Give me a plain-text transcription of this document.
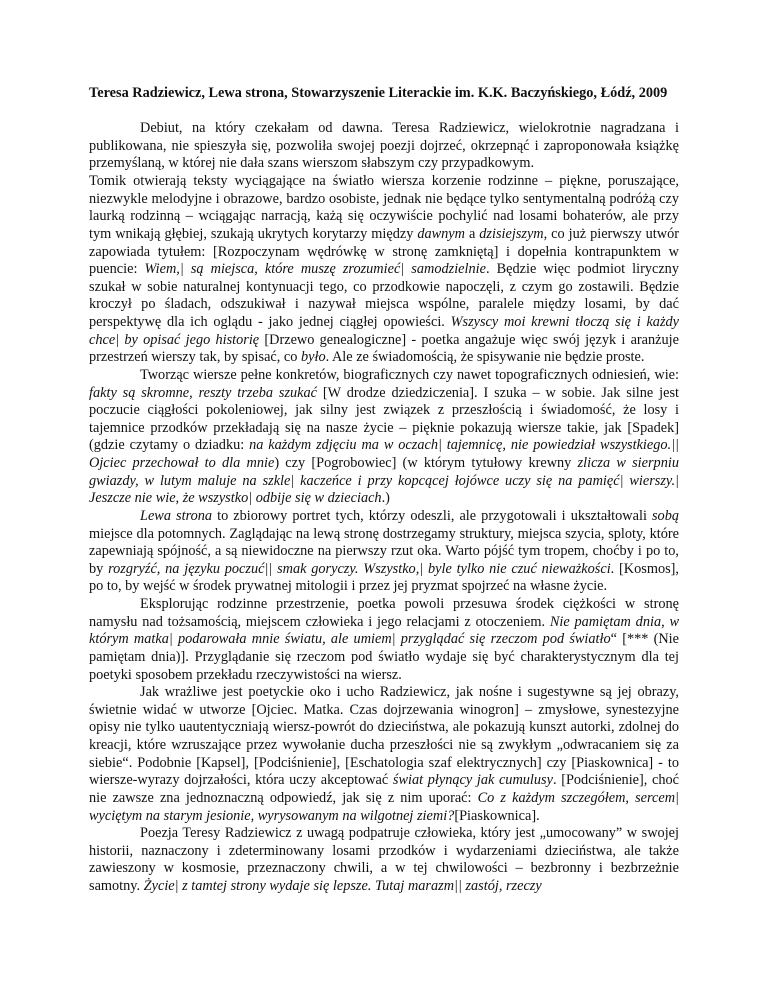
Teresa Radziewicz, Lewa strona, Stowarzyszenie Literackie im. K.K. Baczyńskiego, Łódź, 2009

Debiut, na który czekałam od dawna. Teresa Radziewicz, wielokrotnie nagradzana i publikowana, nie spieszyła się, pozwoliła swojej poezji dojrzeć, okrzepnąć i zaproponowała książkę przemyślaną, w której nie dała szans wierszom słabszym czy przypadkowym.

Tomik otwierają teksty wyciągające na światło wiersza korzenie rodzinne – piękne, poruszające, niezwykle melodyjne i obrazowe, bardzo osobiste, jednak nie będące tylko sentymentalną podróżą czy laurką rodzinną – wciągając narracją, każą się oczywiście pochylić nad losami bohaterów, ale przy tym wnikają głębiej, szukają ukrytych korytarzy między dawnym a dzisiejszym, co już pierwszy utwór zapowiada tytułem: [Rozpoczynam wędrówkę w stronę zamkniętą] i dopełnia kontrapunktem w puencie: Wiem,| są miejsca, które muszę zrozumieć| samodzielnie. Będzie więc podmiot liryczny szukał w sobie naturalnej kontynuacji tego, co przodkowie napoczęli, z czym go zostawili. Będzie kroczył po śladach, odszukiwał i nazywał miejsca wspólne, paralele między losami, by dać perspektywę dla ich oglądu - jako jednej ciągłej opowieści. Wszyscy moi krewni tłoczą się i każdy chce| by opisać jego historię [Drzewo genealogiczne] - poetka angażuje więc swój język i aranżuje przestrzeń wierszy tak, by spisać, co było. Ale ze świadomością, że spisywanie nie będzie proste.

Tworząc wiersze pełne konkretów, biograficznych czy nawet topograficznych odniesień, wie: fakty są skromne, reszty trzeba szukać [W drodze dziedziczenia]. I szuka – w sobie. Jak silne jest poczucie ciągłości pokoleniowej, jak silny jest związek z przeszłością i świadomość, że losy i tajemnice przodków przekładają się na nasze życie – pięknie pokazują wiersze takie, jak [Spadek] (gdzie czytamy o dziadku: na każdym zdjęciu ma w oczach| tajemnicę, nie powiedział wszystkiego.|| Ojciec przechował to dla mnie) czy [Pogrobowiec] (w którym tytułowy krewny zlicza w sierpniu gwiazdy, w lutym maluje na szkle| kaczeńce i przy kopcącej łojówce uczy się na pamięć| wierszy.| Jeszcze nie wie, że wszystko| odbije się w dzieciach.)

Lewa strona to zbiorowy portret tych, którzy odeszli, ale przygotowali i ukształtowali sobą miejsce dla potomnych. Zaglądając na lewą stronę dostrzegamy struktury, miejsca szycia, sploty, które zapewniają spójność, a są niewidoczne na pierwszy rzut oka. Warto pójść tym tropem, choćby i po to, by rozgryźć, na języku poczuć|| smak goryczy. Wszystko,| byle tylko nie czuć nieważkości. [Kosmos], po to, by wejść w środek prywatnej mitologii i przez jej pryzmat spojrzeć na własne życie.

Eksplorując rodzinne przestrzenie, poetka powoli przesuwa środek ciężkości w stronę namysłu nad tożsamością, miejscem człowieka i jego relacjami z otoczeniem. Nie pamiętam dnia, w którym matka| podarowała mnie światu, ale umiem| przyglądać się rzeczom pod światło“ [*** (Nie pamiętam dnia)]. Przyglądanie się rzeczom pod światło wydaje się być charakterystycznym dla tej poetyki sposobem przekładu rzeczywistości na wiersz.

Jak wrażliwe jest poetyckie oko i ucho Radziewicz, jak nośne i sugestywne są jej obrazy, świetnie widać w utworze [Ojciec. Matka. Czas dojrzewania winogron] – zmysłowe, synestezyjne opisy nie tylko uautentyczniają wiersz-powrót do dzieciństwa, ale pokazują kunszt autorki, zdolnej do kreacji, które wzruszające przez wywołanie ducha przeszłości nie są zwykłym „odwracaniem się za siebie“. Podobnie [Kapsel], [Podciśnienie], [Eschatologia szaf elektrycznych] czy [Piaskownica] - to wiersze-wyrazy dojrzałości, która uczy akceptować świat płynący jak cumulusy. [Podciśnienie], choć nie zawsze zna jednoznaczną odpowiedź, jak się z nim uporać: Co z każdym szczegółem, sercem| wyciętym na starym jesionie, wyrysowanym na wilgotnej ziemi?[Piaskownica].

Poezja Teresy Radziewicz z uwagą podpatruje człowieka, który jest „umocowany” w swojej historii, naznaczony i zdeterminowany losami przodków i wydarzeniami dzieciństwa, ale także zawieszony w kosmosie, przeznaczony chwili, a w tej chwilowości – bezbronny i bezbrzeżnie samotny. Życie| z tamtej strony wydaje się lepsze. Tutaj marazm|| zastój, rzeczy
